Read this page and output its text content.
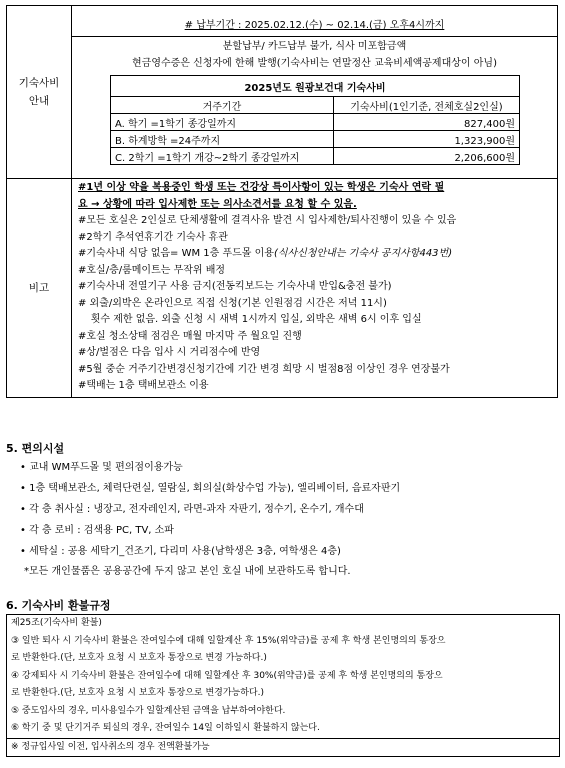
기숙사비
안내

# 납부기간 : 2025.02.12.(수) ~ 02.14.(금) 오후4시까지
분할납부/ 카드납부 불가, 식사 미포함금액
현금영수증은 신청자에 한해 발행(기숙사비는 연말정산 교육비세액공제대상이 아님)
2025년도 원광보건대 기숙사비
거주기간	기숙사비(1인기준, 전체호실2인실)
A. 학기 =1학기 종강일까지	827,400원
B. 하계방학 =24주까지	1,323,900원
C. 2학기 =1학기 개강~2학기 종강일까지	2,206,600원

비고	
#1년 이상 약을 복용중인 학생 또는 건강상 특이사항이 있는 학생은 기숙사 연락 필
요 → 상황에 따라 입사제한 또는 의사소견서를 요청 할 수 있음.
#모든 호실은 2인실로 단체생활에 결격사유 발견 시 입사제한/퇴사진행이 있을 수 있음
#2학기 추석연휴기간 기숙사 휴관
#기숙사내 식당 없음= WM 1층 푸드몰 이용(식사신청안내는 기숙사 공지사항443번)
#호실/층/룸메이트는 무작위 배정
#기숙사내 전열기구 사용 금지(전동킥보드는 기숙사내 반입&충전 불가)
# 외출/외박은 온라인으로 직접 신청(기본 인원점검 시간은 저녁 11시)
횟수 제한 없음. 외출 신청 시 새벽 1시까지 입실, 외박은 새벽 6시 이후 입실
#호실 청소상태 점검은 매월 마지막 주 월요일 진행
#상/벌점은 다음 입사 시 거리점수에 반영
#5월 중순 거주기간변경신청기간에 기간 변경 희망 시 벌점8점 이상인 경우 연장불가
#택배는 1층 택배보관소 이용
5. 편의시설
• 교내 WM푸드몰 및 편의점이용가능
• 1층 택배보관소, 체력단련실, 열람실, 회의실(화상수업 가능), 엘리베이터, 음료자판기
• 각 층 취사실 : 냉장고, 전자레인지, 라면-과자 자판기, 정수기, 온수기, 개수대
• 각 층 로비 : 검색용 PC, TV, 소파
• 세탁실 : 공용 세탁기_건조기, 다리미 사용(남학생은 3층, 여학생은 4층)
*모든 개인물품은 공용공간에 두지 않고 본인 호실 내에 보관하도록 합니다.
6. 기숙사비 환불규정
제25조(기숙사비 환불)
③ 일반 퇴사 시 기숙사비 환불은 잔여일수에 대해 일할계산 후 15%(위약금)를 공제 후 학생 본인명의의 통장으
로 반환한다.(단, 보호자 요청 시 보호자 통장으로 변경 가능하다.)
④ 강제퇴사 시 기숙사비 환불은 잔여일수에 대해 일할계산 후 30%(위약금)를 공제 후 학생 본인명의의 통장으
로 반환한다.(단, 보호자 요청 시 보호자 통장으로 변경가능하다.)
⑤ 중도입사의 경우, 미사용일수가 일할계산된 금액을 납부하여야한다.
⑥ 학기 중 및 단기거주 퇴실의 경우, 잔여일수 14일 이하일시 환불하지 않는다.
※ 정규입사일 이전, 입사취소의 경우 전액환불가능
